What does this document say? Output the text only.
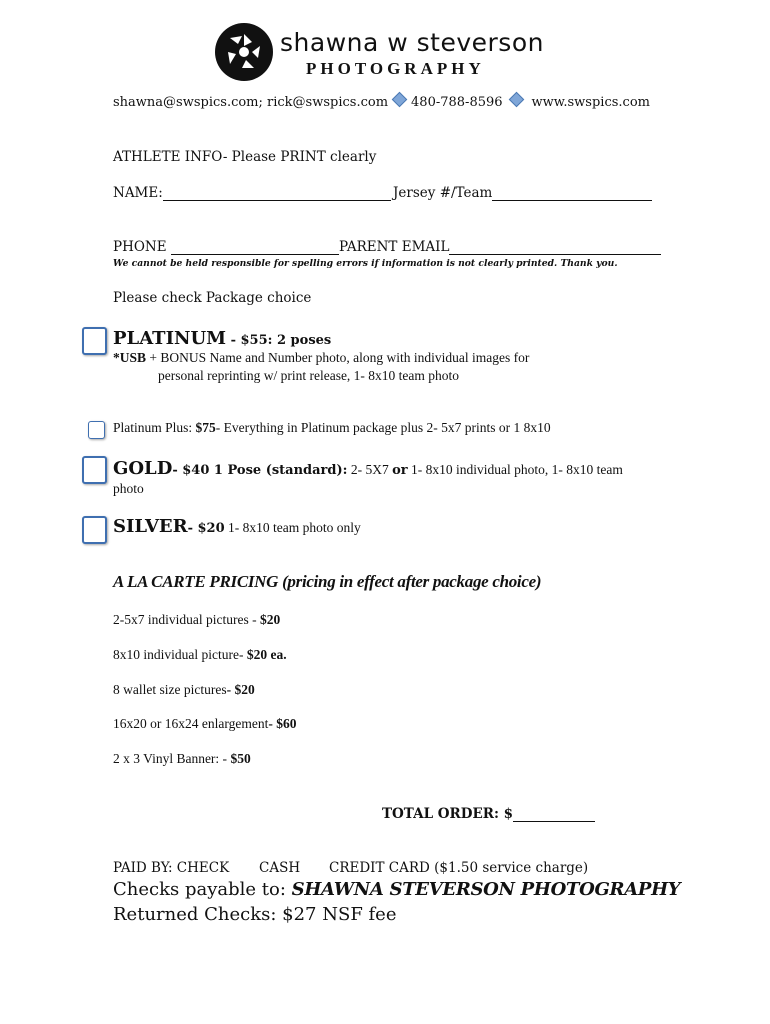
shawna w steverson
PHOTOGRAPHY
shawna@swspics.com; rick@swspics.com 480-788-8596 www.swspics.com
ATHLETE INFO- Please PRINT clearly
NAME:	Jersey #/Team
PHONE	PARENT EMAIL
We cannot be held responsible for spelling errors if information is not clearly printed. Thank you.
Please check Package choice
PLATINUM - $55: 2 poses
*USB + BONUS Name and Number photo, along with individual images for
personal reprinting w/ print release, 1- 8x10 team photo
Platinum Plus: $75- Everything in Platinum package plus 2- 5x7 prints or 1 8x10
GOLD- $40 1 Pose (standard): 2- 5X7 or 1- 8x10 individual photo, 1- 8x10 team
photo
SILVER- $20 1- 8x10 team photo only
A LA CARTE PRICING (pricing in effect after package choice)
2-5x7 individual pictures - $20
8x10 individual picture- $20 ea.
8 wallet size pictures- $20
16x20 or 16x24 enlargement- $60
2 x 3 Vinyl Banner: - $50
TOTAL ORDER: $
PAID BY: CHECK CASH CREDIT CARD ($1.50 service charge)
Checks payable to: SHAWNA STEVERSON PHOTOGRAPHY
Returned Checks: $27 NSF fee
